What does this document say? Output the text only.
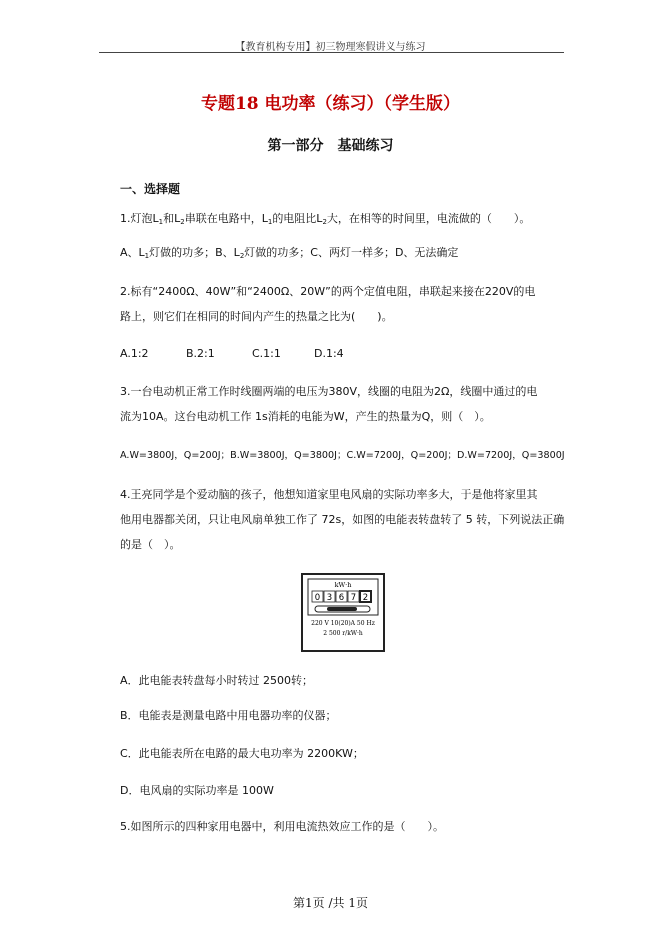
【教育机构专用】初三物理寒假讲义与练习
专题18 电功率（练习）（学生版）
第一部分　基础练习
一、选择题
1.灯泡$L_1$和$L_2$串联在电路中，$L_1$的电阻比$L_2$大，在相等的时间里，电流做的（　　）。
A、$L_1$灯做的功多；B、$L_2$灯做的功多；C、两灯一样多；D、无法确定
2.标有“2400Ω、40W”和“2400Ω、20W”的两个定值电阻，串联起来接在220V的电
路上，则它们在相同的时间内产生的热量之比为(　　)。
A.1:2	B.2:1	C.1:1	D.1:4
3.一台电动机正常工作时线圈两端的电压为380V，线圈的电阻为2Ω，线圈中通过的电
流为10A。这台电动机工作 1s消耗的电能为W，产生的热量为Q，则（　）。
A.W=3800J，Q=200J；B.W=3800J，Q=3800J；C.W=7200J，Q=200J；D.W=7200J，Q=3800J
4.王亮同学是个爱动脑的孩子，他想知道家里电风扇的实际功率多大，于是他将家里其
他用电器都关闭，只让电风扇单独工作了 72s，如图的电能表转盘转了 5 转，下列说法正确
的是（　）。
kW·h
0 3 6 7 2
220 V 10(20)A 50 Hz
2 500 r/kW·h
A．此电能表转盘每小时转过 2500转；
B．电能表是测量电路中用电器功率的仪器；
C．此电能表所在电路的最大电功率为 2200KW；
D．电风扇的实际功率是 100W
5.如图所示的四种家用电器中，利用电流热效应工作的是（　　）。
第1页 /共 1页
